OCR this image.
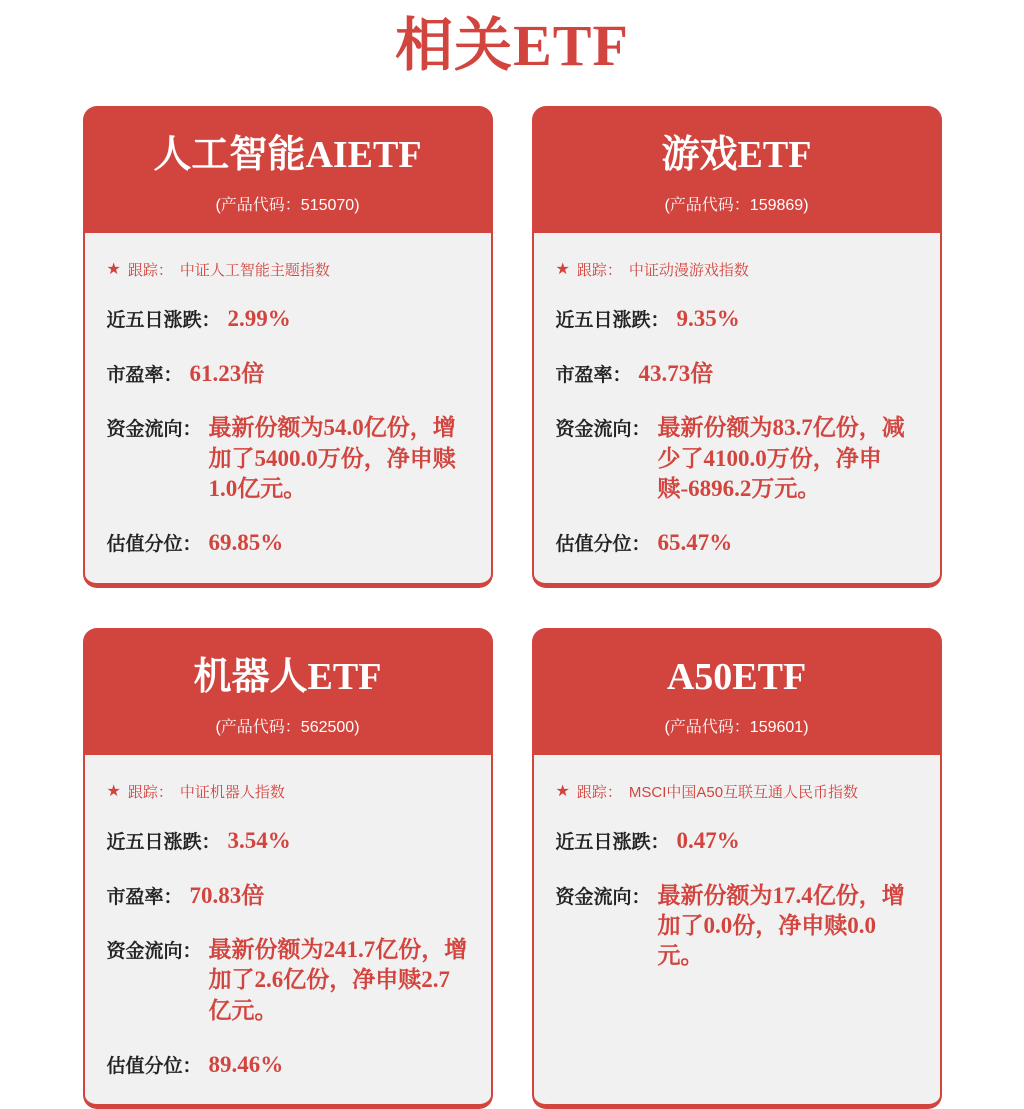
相关ETF
人工智能AIETF
(产品代码：515070)
★ 跟踪： 中证人工智能主题指数
近五日涨跌： 2.99%
市盈率： 61.23倍
资金流向： 最新份额为54.0亿份，增加了5400.0万份，净申赎1.0亿元。
估值分位： 69.85%
游戏ETF
(产品代码：159869)
★ 跟踪： 中证动漫游戏指数
近五日涨跌： 9.35%
市盈率： 43.73倍
资金流向： 最新份额为83.7亿份，减少了4100.0万份，净申赎-6896.2万元。
估值分位： 65.47%
机器人ETF
(产品代码：562500)
★ 跟踪： 中证机器人指数
近五日涨跌： 3.54%
市盈率： 70.83倍
资金流向： 最新份额为241.7亿份，增加了2.6亿份，净申赎2.7亿元。
估值分位： 89.46%
A50ETF
(产品代码：159601)
★ 跟踪： MSCI中国A50互联互通人民币指数
近五日涨跌： 0.47%
资金流向： 最新份额为17.4亿份，增加了0.0份，净申赎0.0元。
